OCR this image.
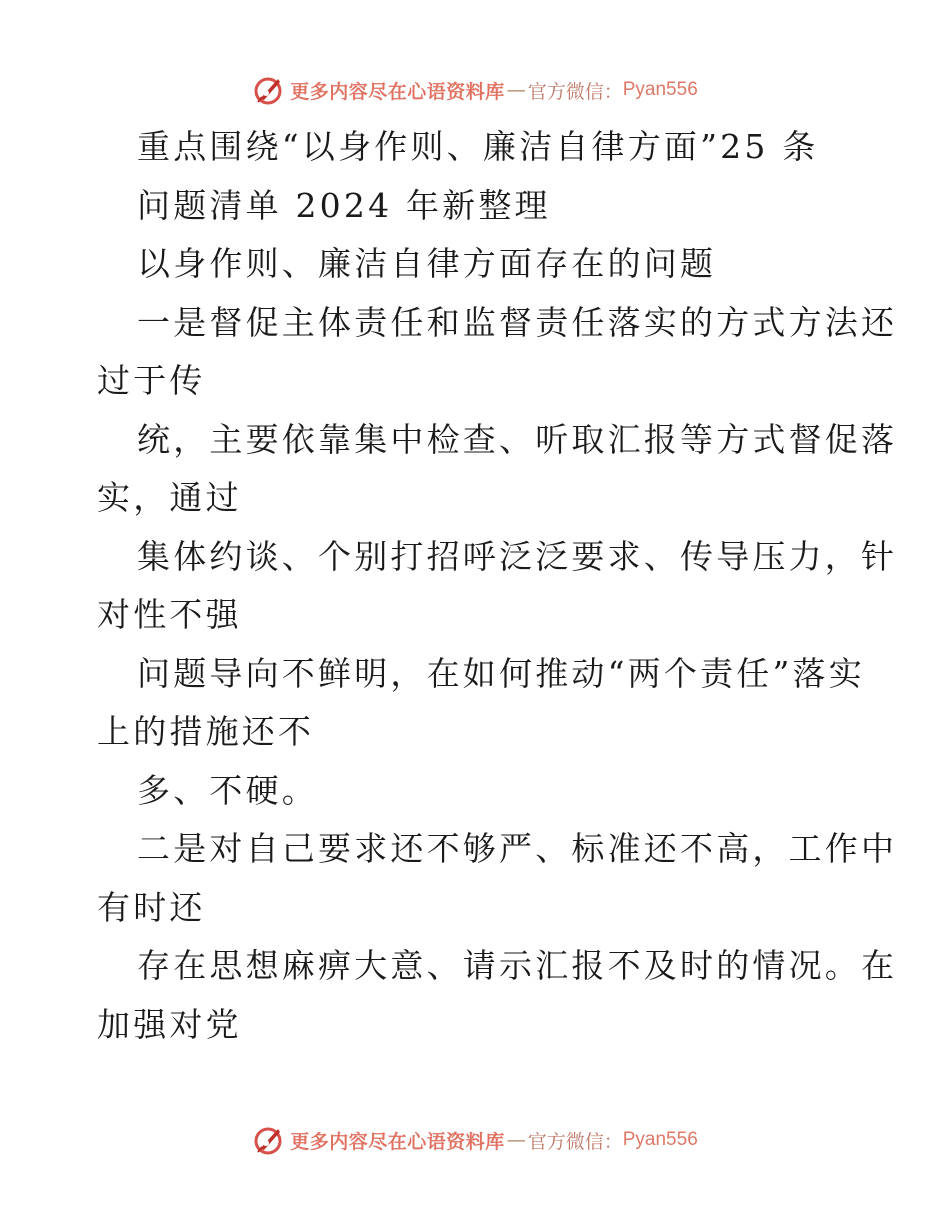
更多内容尽在心语资料库 — 官方微信： Pyan556
重点围绕“以身作则、廉洁自律方面”25 条
问题清单 2024 年新整理
以身作则、廉洁自律方面存在的问题
一是督促主体责任和监督责任落实的方式方法还
过于传
统，主要依靠集中检查、听取汇报等方式督促落
实，通过
集体约谈、个别打招呼泛泛要求、传导压力，针
对性不强
问题导向不鲜明，在如何推动“两个责任”落实
上的措施还不
多、不硬。
二是对自己要求还不够严、标准还不高，工作中
有时还
存在思想麻痹大意、请示汇报不及时的情况。在
加强对党
更多内容尽在心语资料库 — 官方微信： Pyan556
